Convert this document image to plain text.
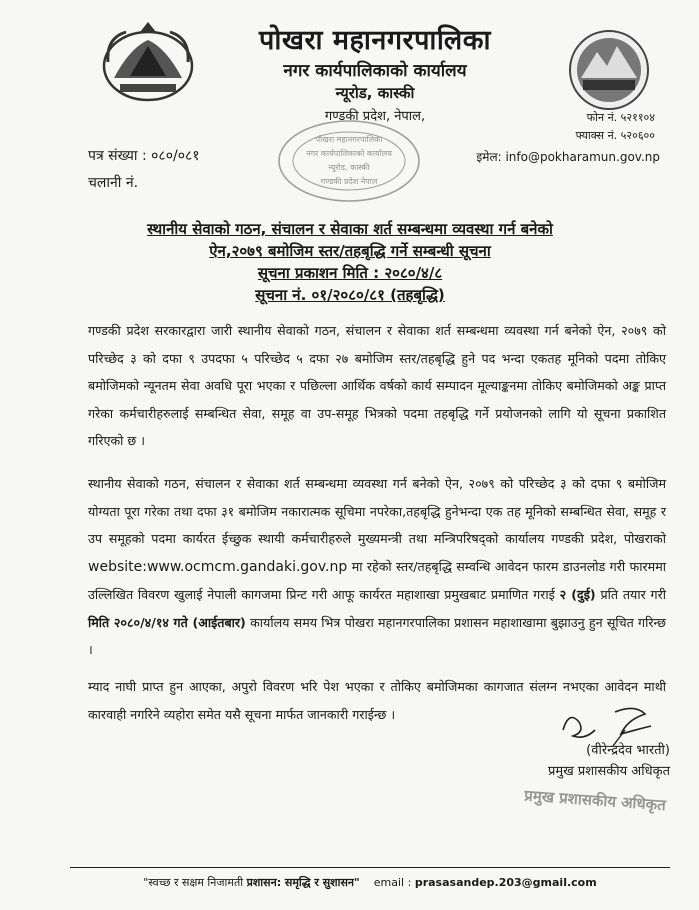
पोखरा महानगरपालिका
नगर कार्यपालिकाको कार्यालय
न्यूरोड, कास्की
गण्डकी प्रदेश, नेपाल,	फोन नं. ५२११०४
फ्याक्स नं. ५२०६००
इमेल: info@pokharamun.gov.np
पत्र संख्या : ०८०/०८१
चलानी नं.
पोखरा महानगरपालिका
नगर कार्यपालिकाको कार्यालय
न्यूरोड, कास्की
गण्डकी प्रदेश नेपाल
स्थानीय सेवाको गठन, संचालन र सेवाका शर्त सम्बन्धमा व्यवस्था गर्न बनेको
ऐन,२०७९ बमोजिम स्तर/तहबृद्धि गर्ने सम्बन्धी सूचना
सूचना प्रकाशन मिति : २०८०/४/८
सूचना नं. ०१/२०८०/८१ (तहबृद्धि)
गण्डकी प्रदेश सरकारद्वारा जारी स्थानीय सेवाको गठन, संचालन र सेवाका शर्त सम्बन्धमा व्यवस्था गर्न बनेको ऐन, २०७९ को परिच्छेद ३ को दफा ९ उपदफा ५ परिच्छेद ५ दफा २७ बमोजिम स्तर/तहबृद्धि हुने पद भन्दा एकतह मूनिको पदमा तोकिए बमोजिमको न्यूनतम सेवा अवधि पूरा भएका र पछिल्ला आर्थिक वर्षको कार्य सम्पादन मूल्याङ्कनमा तोकिए बमोजिमको अङ्क प्राप्त गरेका कर्मचारीहरुलाई सम्बन्धित सेवा, समूह वा उप-समूह भित्रको पदमा तहबृद्धि गर्ने प्रयोजनको लागि यो सूचना प्रकाशित गरिएको छ ।
स्थानीय सेवाको गठन, संचालन र सेवाका शर्त सम्बन्धमा व्यवस्था गर्न बनेको ऐन, २०७९ को परिच्छेद ३ को दफा ९ बमोजिम योग्यता पूरा गरेका तथा दफा ३१ बमोजिम नकारात्मक सूचिमा नपरेका,तहबृद्धि हुनेभन्दा एक तह मूनिको सम्बन्धित सेवा, समूह र उप समूहको पदमा कार्यरत ईच्छुक स्थायी कर्मचारीहरुले मुख्यमन्त्री तथा मन्त्रिपरिषद्को कार्यालय गण्डकी प्रदेश, पोखराको website:www.ocmcm.gandaki.gov.np मा रहेको स्तर/तहबृद्धि सम्वन्धि आवेदन फारम डाउनलोड गरी फारममा उल्लिखित विवरण खुलाई नेपाली कागजमा प्रिन्ट गरी आफू कार्यरत महाशाखा प्रमुखबाट प्रमाणित गराई २ (दुई) प्रति तयार गरी मिति २०८०/४/१४ गते (आईतबार) कार्यालय समय भित्र पोखरा महानगरपालिका प्रशासन महाशाखामा बुझाउनु हुन सूचित गरिन्छ ।
म्याद नाघी प्राप्त हुन आएका, अपुरो विवरण भरि पेश भएका र तोकिए बमोजिमका कागजात संलग्न नभएका आवेदन माथी कारवाही नगरिने व्यहोरा समेत यसै सूचना मार्फत जानकारी गराईन्छ ।
(वीरेन्द्रदेव भारती)
प्रमुख प्रशासकीय अधिकृत
प्रमुख प्रशासकीय अधिकृत
"स्वच्छ र सक्षम निजामती प्रशासन: समृद्धि र सुशासन" email : prasasandep.203@gmail.com
